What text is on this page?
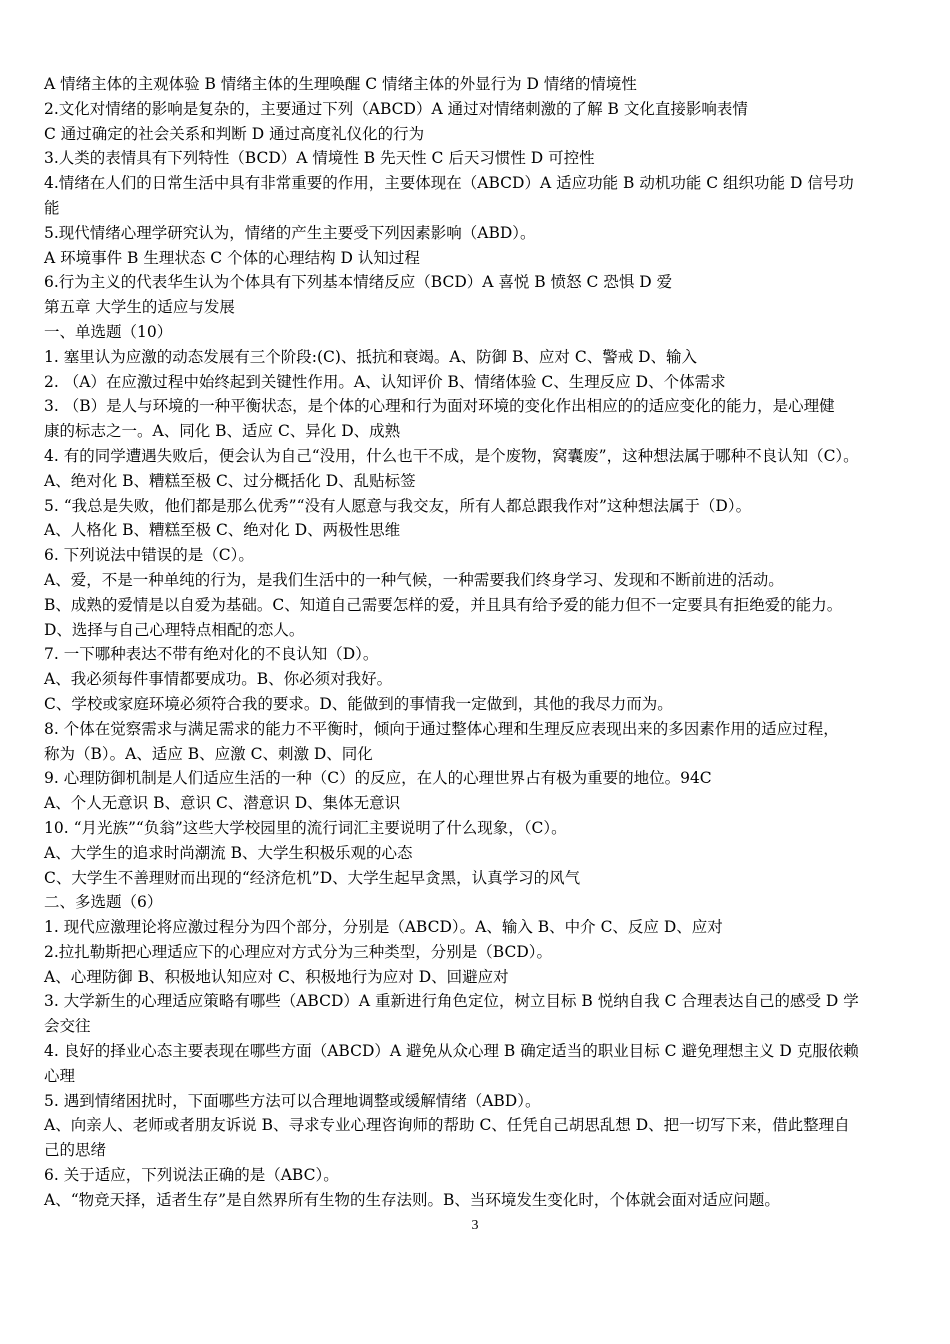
A 情绪主体的主观体验 B 情绪主体的生理唤醒 C 情绪主体的外显行为 D 情绪的情境性
2.文化对情绪的影响是复杂的，主要通过下列（ABCD）A 通过对情绪刺激的了解 B 文化直接影响表情
C 通过确定的社会关系和判断 D 通过高度礼仪化的行为
3.人类的表情具有下列特性（BCD）A 情境性 B 先天性 C 后天习惯性 D 可控性
4.情绪在人们的日常生活中具有非常重要的作用，主要体现在（ABCD）A 适应功能 B 动机功能 C 组织功能 D 信号功
能
5.现代情绪心理学研究认为，情绪的产生主要受下列因素影响（ABD）。
A 环境事件 B 生理状态 C 个体的心理结构 D 认知过程
6.行为主义的代表华生认为个体具有下列基本情绪反应（BCD）A 喜悦 B 愤怒 C 恐惧 D 爱
第五章 大学生的适应与发展
一、单选题（10）
1. 塞里认为应激的动态发展有三个阶段:(C)、抵抗和衰竭。A、防御 B、应对 C、警戒 D、输入
2. （A）在应激过程中始终起到关键性作用。A、认知评价 B、情绪体验 C、生理反应 D、个体需求
3. （B）是人与环境的一种平衡状态，是个体的心理和行为面对环境的变化作出相应的的适应变化的能力，是心理健
康的标志之一。A、同化 B、适应 C、异化 D、成熟
4. 有的同学遭遇失败后，便会认为自己“没用，什么也干不成，是个废物，窝囊废”，这种想法属于哪种不良认知（C）。
A、绝对化 B、糟糕至极 C、过分概括化 D、乱贴标签
5. “我总是失败，他们都是那么优秀”“没有人愿意与我交友，所有人都总跟我作对”这种想法属于（D）。
A、人格化 B、糟糕至极 C、绝对化 D、两极性思维
6. 下列说法中错误的是（C）。
A、爱，不是一种单纯的行为，是我们生活中的一种气候，一种需要我们终身学习、发现和不断前进的活动。
B、成熟的爱情是以自爱为基础。C、知道自己需要怎样的爱，并且具有给予爱的能力但不一定要具有拒绝爱的能力。
D、选择与自己心理特点相配的恋人。
7. 一下哪种表达不带有绝对化的不良认知（D）。
A、我必须每件事情都要成功。B、你必须对我好。
C、学校或家庭环境必须符合我的要求。D、能做到的事情我一定做到，其他的我尽力而为。
8. 个体在觉察需求与满足需求的能力不平衡时，倾向于通过整体心理和生理反应表现出来的多因素作用的适应过程，
称为（B）。A、适应 B、应激 C、刺激 D、同化
9. 心理防御机制是人们适应生活的一种（C）的反应，在人的心理世界占有极为重要的地位。94C
A、个人无意识 B、意识 C、潜意识 D、集体无意识
10. “月光族”“负翁”这些大学校园里的流行词汇主要说明了什么现象，（C）。
A、大学生的追求时尚潮流 B、大学生积极乐观的心态
C、大学生不善理财而出现的“经济危机”D、大学生起早贪黑，认真学习的风气
二、多选题（6）
1. 现代应激理论将应激过程分为四个部分，分别是（ABCD）。A、输入 B、中介 C、反应 D、应对
2.拉扎勒斯把心理适应下的心理应对方式分为三种类型，分别是（BCD）。
A、心理防御 B、积极地认知应对 C、积极地行为应对 D、回避应对
3. 大学新生的心理适应策略有哪些（ABCD）A 重新进行角色定位，树立目标 B 悦纳自我 C 合理表达自己的感受 D 学
会交往
4. 良好的择业心态主要表现在哪些方面（ABCD）A 避免从众心理 B 确定适当的职业目标 C 避免理想主义 D 克服依赖
心理
5. 遇到情绪困扰时，下面哪些方法可以合理地调整或缓解情绪（ABD）。
A、向亲人、老师或者朋友诉说 B、寻求专业心理咨询师的帮助 C、任凭自己胡思乱想 D、把一切写下来，借此整理自
己的思绪
6. 关于适应，下列说法正确的是（ABC）。
A、“物竞天择，适者生存”是自然界所有生物的生存法则。B、当环境发生变化时，个体就会面对适应问题。
3
